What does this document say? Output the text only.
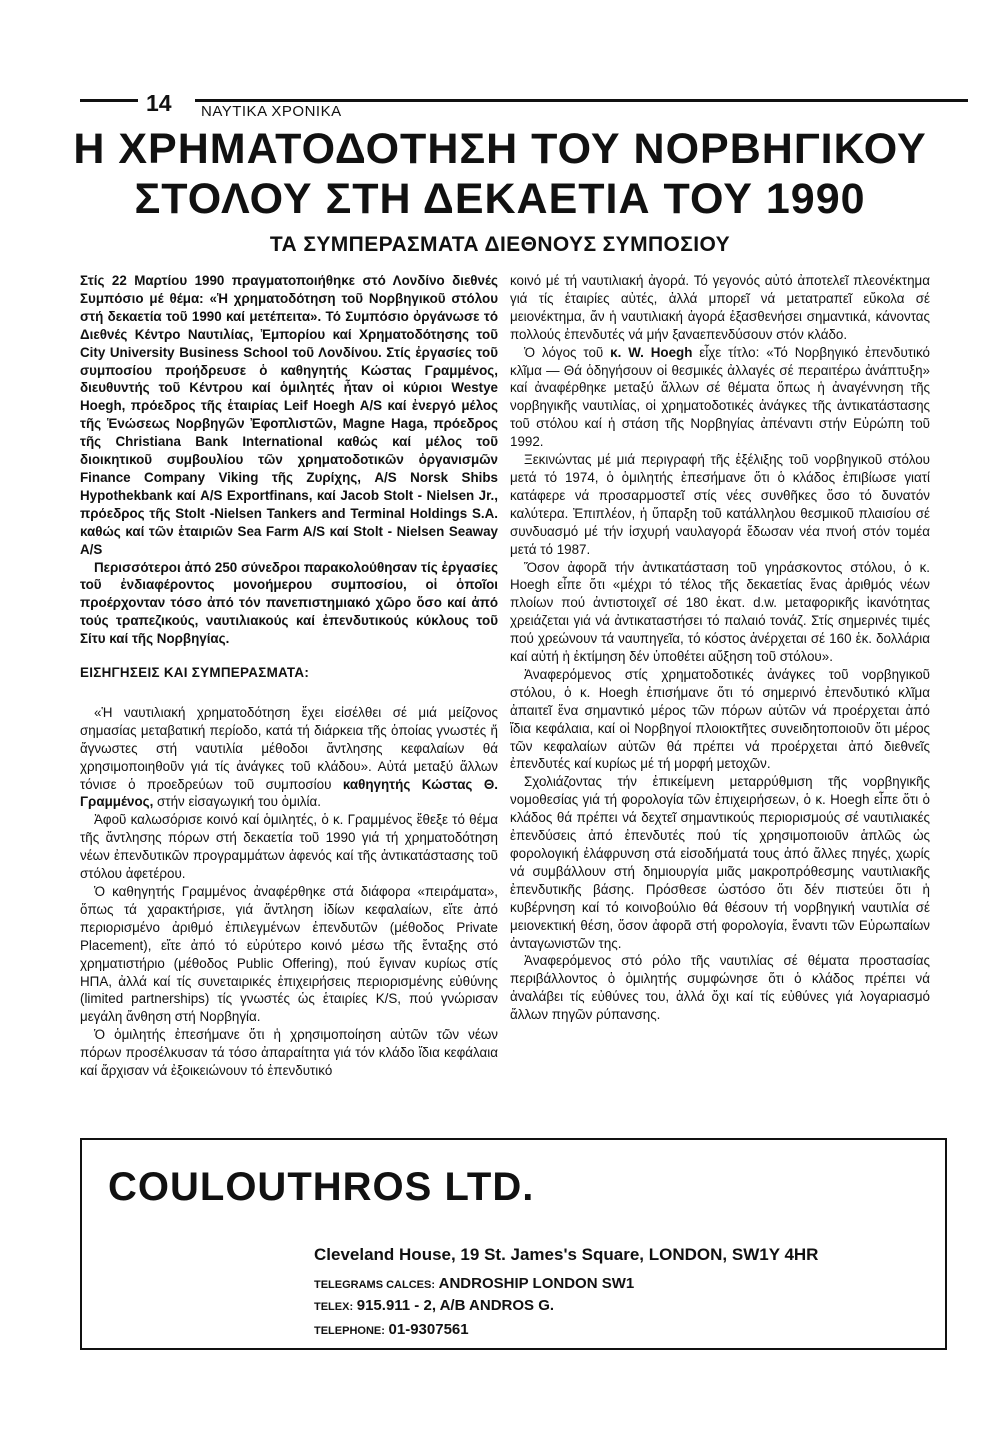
14 ΝΑΥΤΙΚΑ ΧΡΟΝΙΚΑ
Η ΧΡΗΜΑΤΟΔΟΤΗΣΗ ΤΟΥ ΝΟΡΒΗΓΙΚΟΥ
ΣΤΟΛΟΥ ΣΤΗ ΔΕΚΑΕΤΙΑ ΤΟΥ 1990
ΤΑ ΣΥΜΠΕΡΑΣΜΑΤΑ ΔΙΕΘΝΟΥΣ ΣΥΜΠΟΣΙΟΥ

Στίς 22 Μαρτίου 1990 πραγματοποιήθηκε στό Λονδίνο διεθνές Συμπόσιο μέ θέμα: «Ἡ χρηματοδότηση τοῦ Νορβηγικοῦ στόλου στή δεκαετία τοῦ 1990 καί μετέπειτα». Τό Συμπόσιο ὀργάνωσε τό Διεθνές Κέντρο Ναυτιλίας, Ἐμπορίου καί Χρηματοδότησης τοῦ City University Business School τοῦ Λονδίνου. Στίς ἐργασίες τοῦ συμποσίου προήδρευσε ὁ καθηγητής Κώστας Γραμμένος, διευθυντής τοῦ Κέντρου καί ὁμιλητές ἦταν οἱ κύριοι Westye Hoegh, πρόεδρος τῆς ἑταιρίας Leif Hoegh A/S καί ἐνεργό μέλος τῆς Ἑνώσεως Νορβηγῶν Ἐφοπλιστῶν, Magne Haga, πρόεδρος τῆς Christiana Bank International καθώς καί μέλος τοῦ διοικητικοῦ συμβουλίου τῶν χρηματοδοτικῶν ὀργανισμῶν Finance Company Viking τῆς Ζυρίχης, A/S Norsk Shibs Hypothekbank καί A/S Exportfinans, καί Jacob Stolt - Nielsen Jr., πρόεδρος τῆς Stolt -Nielsen Tankers and Terminal Holdings S.A. καθώς καί τῶν ἑταιριῶν Sea Farm A/S καί Stolt - Nielsen Seaway A/S

Περισσότεροι ἀπό 250 σύνεδροι παρακολούθησαν τίς ἐργασίες τοῦ ἐνδιαφέροντος μονοήμερου συμποσίου, οἱ ὁποῖοι προέρχονταν τόσο ἀπό τόν πανεπιστημιακό χῶρο ὅσο καί ἀπό τούς τραπεζικούς, ναυτιλιακούς καί ἐπενδυτικούς κύκλους τοῦ Σίτυ καί τῆς Νορβηγίας.

ΕΙΣΗΓΗΣΕΙΣ ΚΑΙ ΣΥΜΠΕΡΑΣΜΑΤΑ:

«Ἡ ναυτιλιακή χρηματοδότηση ἔχει εἰσέλθει σέ μιά μείζονος σημασίας μεταβατική περίοδο, κατά τή διάρκεια τῆς ὁποίας γνωστές ἤ ἄγνωστες στή ναυτιλία μέθοδοι ἄντλησης κεφαλαίων θά χρησιμοποιηθοῦν γιά τίς ἀνάγκες τοῦ κλάδου». Αὐτά μεταξύ ἄλλων τόνισε ὁ προεδρεύων τοῦ συμποσίου καθηγητής Κώστας Θ. Γραμμένος, στήν εἰσαγωγική του ὁμιλία.

Ἀφοῦ καλωσόρισε κοινό καί ὁμιλητές, ὁ κ. Γραμμένος ἔθεξε τό θέμα τῆς ἄντλησης πόρων στή δεκαετία τοῦ 1990 γιά τή χρηματοδότηση νέων ἐπενδυτικῶν προγραμμάτων ἀφενός καί τῆς ἀντικατάστασης τοῦ στόλου ἀφετέρου.

Ὁ καθηγητής Γραμμένος ἀναφέρθηκε στά διάφορα «πειράματα», ὅπως τά χαρακτήρισε, γιά ἄντληση ἰδίων κεφαλαίων, εἴτε ἀπό περιορισμένο ἀριθμό ἐπιλεγμένων ἐπενδυτῶν (μέθοδος Private Placement), εἴτε ἀπό τό εὐρύτερο κοινό μέσω τῆς ἔνταξης στό χρηματιστήριο (μέθοδος Public Offering), πού ἔγιναν κυρίως στίς ΗΠΑ, ἀλλά καί τίς συνεταιρικές ἐπιχειρήσεις περιορισμένης εὐθύνης (limited partnerships) τίς γνωστές ὡς ἑταιρίες K/S, πού γνώρισαν μεγάλη ἄνθηση στή Νορβηγία.

Ὁ ὁμιλητής ἐπεσήμανε ὅτι ἡ χρησιμοποίηση αὐτῶν τῶν νέων πόρων προσέλκυσαν τά τόσο ἀπαραίτητα γιά τόν κλάδο ἴδια κεφάλαια καί ἄρχισαν νά ἐξοικειώνουν τό ἐπενδυτικό

κοινό μέ τή ναυτιλιακή ἀγορά. Τό γεγονός αὐτό ἀποτελεῖ πλεονέκτημα γιά τίς ἑταιρίες αὐτές, ἀλλά μπορεῖ νά μετατραπεῖ εὔκολα σέ μειονέκτημα, ἄν ἡ ναυτιλιακή ἀγορά ἐξασθενήσει σημαντικά, κάνοντας πολλούς ἐπενδυτές νά μήν ξαναεπενδύσουν στόν κλάδο.

Ὁ λόγος τοῦ κ. W. Hoegh εἶχε τίτλο: «Τό Νορβηγικό ἐπενδυτικό κλῖμα — Θά ὁδηγήσουν οἱ θεσμικές ἀλλαγές σέ περαιτέρω ἀνάπτυξη» καί ἀναφέρθηκε μεταξύ ἄλλων σέ θέματα ὅπως ἡ ἀναγέννηση τῆς νορβηγικῆς ναυτιλίας, οἱ χρηματοδοτικές ἀνάγκες τῆς ἀντικατάστασης τοῦ στόλου καί ἡ στάση τῆς Νορβηγίας ἀπέναντι στήν Εὐρώπη τοῦ 1992.

Ξεκινώντας μέ μιά περιγραφή τῆς ἐξέλιξης τοῦ νορβηγικοῦ στόλου μετά τό 1974, ὁ ὁμιλητής ἐπεσήμανε ὅτι ὁ κλάδος ἐπιβίωσε γιατί κατάφερε νά προσαρμοστεῖ στίς νέες συνθῆκες ὅσο τό δυνατόν καλύτερα. Ἐπιπλέον, ἡ ὕπαρξη τοῦ κατάλληλου θεσμικοῦ πλαισίου σέ συνδυασμό μέ τήν ἰσχυρή ναυλαγορά ἔδωσαν νέα πνοή στόν τομέα μετά τό 1987.

Ὅσον ἀφορᾶ τήν ἀντικατάσταση τοῦ γηράσκοντος στόλου, ὁ κ. Hoegh εἶπε ὅτι «μέχρι τό τέλος τῆς δεκαετίας ἕνας ἀριθμός νέων πλοίων πού ἀντιστοιχεῖ σέ 180 ἑκατ. d.w. μεταφορικῆς ἱκανότητας χρειάζεται γιά νά ἀντικαταστήσει τό παλαιό τονάζ. Στίς σημερινές τιμές πού χρεώνουν τά ναυπηγεῖα, τό κόστος ἀνέρχεται σέ 160 ἑκ. δολλάρια καί αὐτή ἡ ἐκτίμηση δέν ὑποθέτει αὔξηση τοῦ στόλου».

Ἀναφερόμενος στίς χρηματοδοτικές ἀνάγκες τοῦ νορβηγικοῦ στόλου, ὁ κ. Hoegh ἐπισήμανε ὅτι τό σημερινό ἐπενδυτικό κλῖμα ἀπαιτεῖ ἕνα σημαντικό μέρος τῶν πόρων αὐτῶν νά προέρχεται ἀπό ἴδια κεφάλαια, καί οἱ Νορβηγοί πλοιοκτῆτες συνειδητοποιοῦν ὅτι μέρος τῶν κεφαλαίων αὐτῶν θά πρέπει νά προέρχεται ἀπό διεθνεῖς ἐπενδυτές καί κυρίως μέ τή μορφή μετοχῶν.

Σχολιάζοντας τήν ἐπικείμενη μεταρρύθμιση τῆς νορβηγικῆς νομοθεσίας γιά τή φορολογία τῶν ἐπιχειρήσεων, ὁ κ. Hoegh εἶπε ὅτι ὁ κλάδος θά πρέπει νά δεχτεῖ σημαντικούς περιορισμούς σέ ναυτιλιακές ἐπενδύσεις ἀπό ἐπενδυτές πού τίς χρησιμοποιοῦν ἁπλῶς ὡς φορολογική ἐλάφρυνση στά εἰσοδήματά τους ἀπό ἄλλες πηγές, χωρίς νά συμβάλλουν στή δημιουργία μιᾶς μακροπρόθεσμης ναυτιλιακῆς ἐπενδυτικῆς βάσης. Πρόσθεσε ὡστόσο ὅτι δέν πιστεύει ὅτι ἡ κυβέρνηση καί τό κοινοβούλιο θά θέσουν τή νορβηγική ναυτιλία σέ μειονεκτική θέση, ὅσον ἀφορᾶ στή φορολογία, ἔναντι τῶν Εὐρωπαίων ἀνταγωνιστῶν της.

Ἀναφερόμενος στό ρόλο τῆς ναυτιλίας σέ θέματα προστασίας περιβάλλοντος ὁ ὁμιλητής συμφώνησε ὅτι ὁ κλάδος πρέπει νά ἀναλάβει τίς εὐθύνες του, ἀλλά ὄχι καί τίς εὐθύνες γιά λογαριασμό ἄλλων πηγῶν ρύπανσης.

COULOUTHROS LTD.
Cleveland House, 19 St. James's Square, LONDON, SW1Y 4HR
TELEGRAMS CALCES: ANDROSHIP LONDON SW1
TELEX: 915.911 - 2, A/B ANDROS G.
TELEPHONE: 01-9307561
